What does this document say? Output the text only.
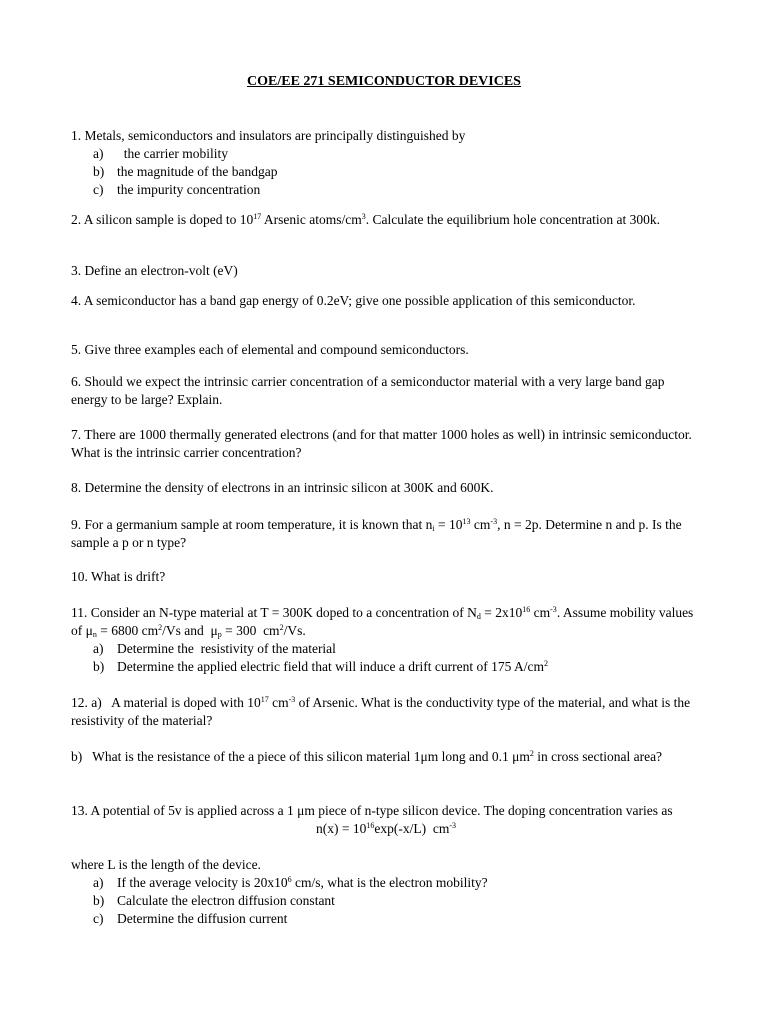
COE/EE 271 SEMICONDUCTOR DEVICES
1. Metals, semiconductors and insulators are principally distinguished by
a)  the carrier mobility
b) the magnitude of the bandgap
c) the impurity concentration
2. A silicon sample is doped to $10^{17}$ Arsenic atoms/$cm^3$. Calculate the equilibrium hole concentration at 300k.
3. Define an electron-volt (eV)
4. A semiconductor has a band gap energy of 0.2eV; give one possible application of this semiconductor.
5. Give three examples each of elemental and compound semiconductors.
6. Should we expect the intrinsic carrier concentration of a semiconductor material with a very large band gap energy to be large? Explain.
7. There are 1000 thermally generated electrons (and for that matter 1000 holes as well) in intrinsic semiconductor. What is the intrinsic carrier concentration?
8. Determine the density of electrons in an intrinsic silicon at 300K and 600K.
9. For a germanium sample at room temperature, it is known that $n_i = 10^{13}$ $cm^{-3}$, n = 2p. Determine n and p. Is the sample a p or n type?
10. What is drift?
11. Consider an N-type material at T = 300K doped to a concentration of $N_d = 2x10^{16}$ $cm^{-3}$. Assume mobility values of $\mu_n = 6800$ $cm^2/Vs$ and  $\mu_p = 300$  $cm^2/Vs$.
a) Determine the  resistivity of the material
b) Determine the applied electric field that will induce a drift current of 175 $A/cm^2$
12. a)   A material is doped with $10^{17}$ $cm^{-3}$ of Arsenic. What is the conductivity type of the material, and what is the resistivity of the material?
b)   What is the resistance of the a piece of this silicon material 1μm long and 0.1 $\mu m^2$ in cross sectional area?
13. A potential of 5v is applied across a 1 μm piece of n-type silicon device. The doping concentration varies as
$n(x) = 10^{16}\exp(-x/L)$  $cm^{-3}$
where L is the length of the device.
a) If the average velocity is $20x10^6$ cm/s, what is the electron mobility?
b) Calculate the electron diffusion constant
c) Determine the diffusion current
